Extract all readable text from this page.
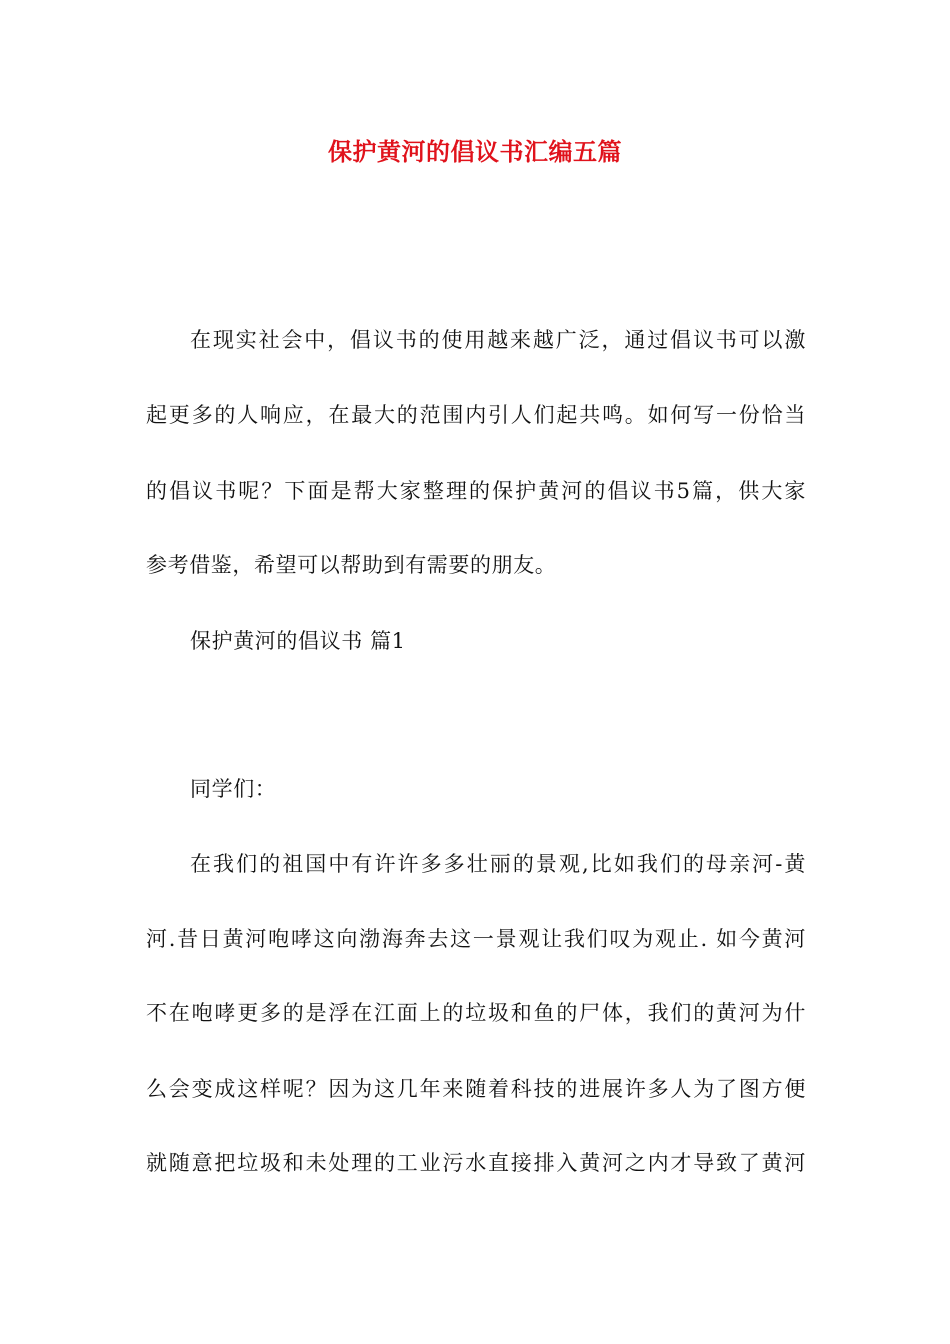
保护黄河的倡议书汇编五篇
在现实社会中，倡议书的使用越来越广泛，通过倡议书可以激
起更多的人响应，在最大的范围内引人们起共鸣。如何写一份恰当
的倡议书呢？下面是帮大家整理的保护黄河的倡议书5篇，供大家
参考借鉴，希望可以帮助到有需要的朋友。
保护黄河的倡议书 篇1
同学们：
在我们的祖国中有许许多多壮丽的景观,比如我们的母亲河-黄
河.昔日黄河咆哮这向渤海奔去这一景观让我们叹为观止. 如今黄河
不在咆哮更多的是浮在江面上的垃圾和鱼的尸体，我们的黄河为什
么会变成这样呢？因为这几年来随着科技的进展许多人为了图方便
就随意把垃圾和未处理的工业污水直接排入黄河之内才导致了黄河
